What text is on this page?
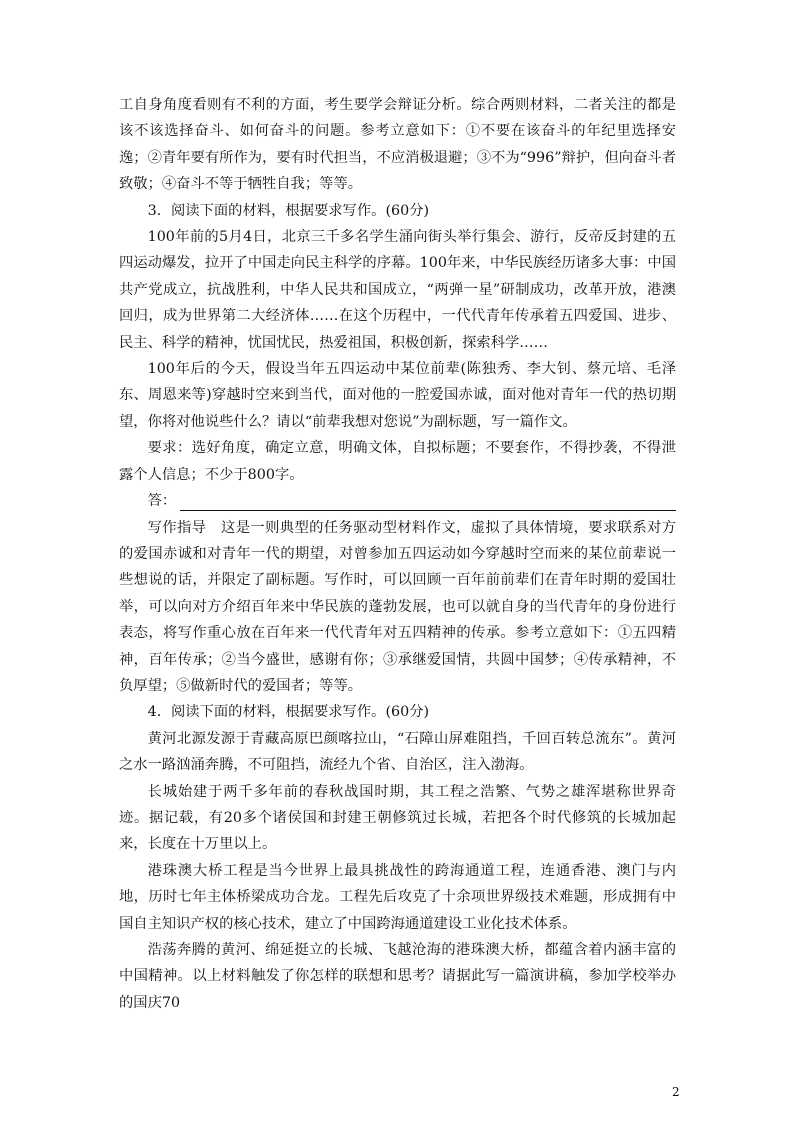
工自身角度看则有不利的方面，考生要学会辩证分析。综合两则材料，二者关注的都是该不该选择奋斗、如何奋斗的问题。参考立意如下：①不要在该奋斗的年纪里选择安逸；②青年要有所作为，要有时代担当，不应消极退避；③不为“996”辩护，但向奋斗者致敬；④奋斗不等于牺牲自我；等等。

3．阅读下面的材料，根据要求写作。(60分)

100年前的5月4日，北京三千多名学生涌向街头举行集会、游行，反帝反封建的五四运动爆发，拉开了中国走向民主科学的序幕。100年来，中华民族经历诸多大事：中国共产党成立，抗战胜利，中华人民共和国成立，“两弹一星”研制成功，改革开放，港澳回归，成为世界第二大经济体……在这个历程中，一代代青年传承着五四爱国、进步、民主、科学的精神，忧国忧民，热爱祖国，积极创新，探索科学……

100年后的今天，假设当年五四运动中某位前辈(陈独秀、李大钊、蔡元培、毛泽东、周恩来等)穿越时空来到当代，面对他的一腔爱国赤诚，面对他对青年一代的热切期望，你将对他说些什么？请以“前辈我想对您说”为副标题，写一篇作文。

要求：选好角度，确定立意，明确文体，自拟标题；不要套作，不得抄袭，不得泄露个人信息；不少于800字。

答：

写作指导　这是一则典型的任务驱动型材料作文，虚拟了具体情境，要求联系对方的爱国赤诚和对青年一代的期望，对曾参加五四运动如今穿越时空而来的某位前辈说一些想说的话，并限定了副标题。写作时，可以回顾一百年前前辈们在青年时期的爱国壮举，可以向对方介绍百年来中华民族的蓬勃发展，也可以就自身的当代青年的身份进行表态，将写作重心放在百年来一代代青年对五四精神的传承。参考立意如下：①五四精神，百年传承；②当今盛世，感谢有你；③承继爱国情，共圆中国梦；④传承精神，不负厚望；⑤做新时代的爱国者；等等。

4．阅读下面的材料，根据要求写作。(60分)

黄河北源发源于青藏高原巴颜喀拉山，“石障山屏难阻挡，千回百转总流东”。黄河之水一路汹涌奔腾，不可阻挡，流经九个省、自治区，注入渤海。

长城始建于两千多年前的春秋战国时期，其工程之浩繁、气势之雄浑堪称世界奇迹。据记载，有20多个诸侯国和封建王朝修筑过长城，若把各个时代修筑的长城加起来，长度在十万里以上。

港珠澳大桥工程是当今世界上最具挑战性的跨海通道工程，连通香港、澳门与内地，历时七年主体桥梁成功合龙。工程先后攻克了十余项世界级技术难题，形成拥有中国自主知识产权的核心技术，建立了中国跨海通道建设工业化技术体系。

浩荡奔腾的黄河、绵延挺立的长城、飞越沧海的港珠澳大桥，都蕴含着内涵丰富的中国精神。以上材料触发了你怎样的联想和思考？请据此写一篇演讲稿，参加学校举办的国庆70

2
